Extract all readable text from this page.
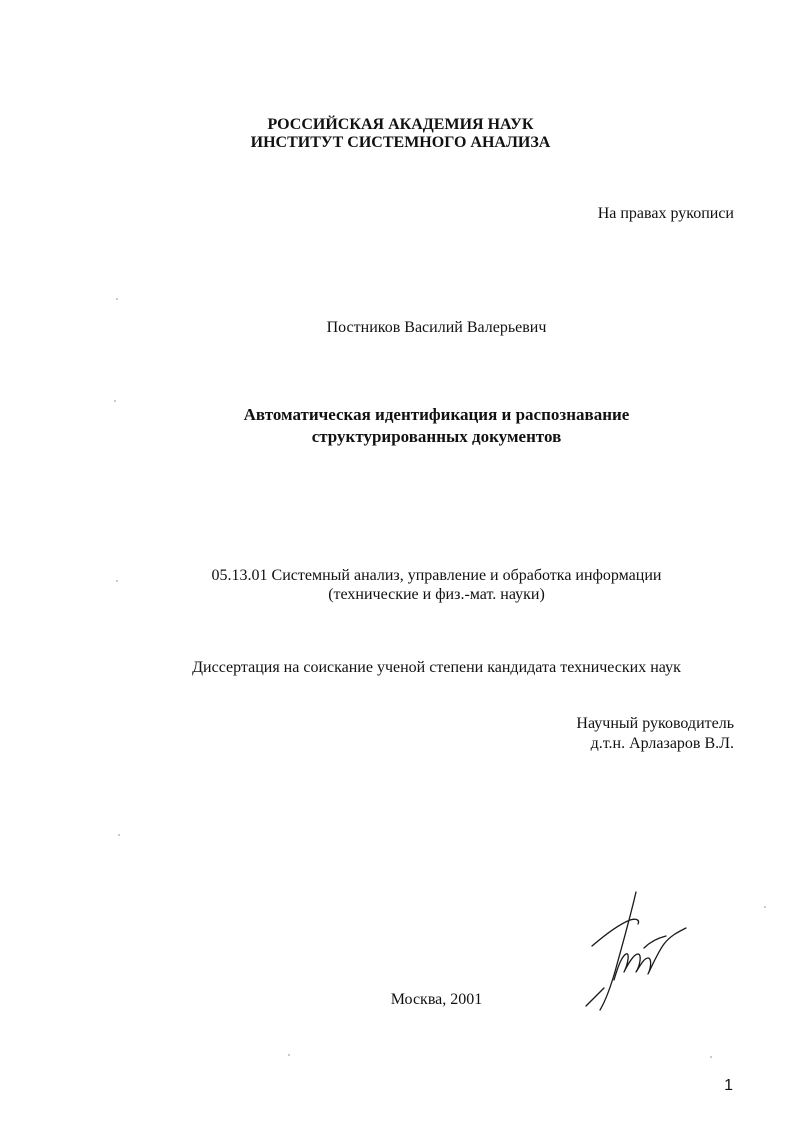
РОССИЙСКАЯ АКАДЕМИЯ НАУК
ИНСТИТУТ СИСТЕМНОГО АНАЛИЗА
На правах рукописи
Постников Василий Валерьевич
Автоматическая идентификация и распознавание
структурированных документов
05.13.01 Системный анализ, управление и обработка информации
(технические и физ.-мат. науки)
Диссертация на соискание ученой степени кандидата технических наук
Научный руководитель
д.т.н. Арлазаров В.Л.
Москва, 2001
1
